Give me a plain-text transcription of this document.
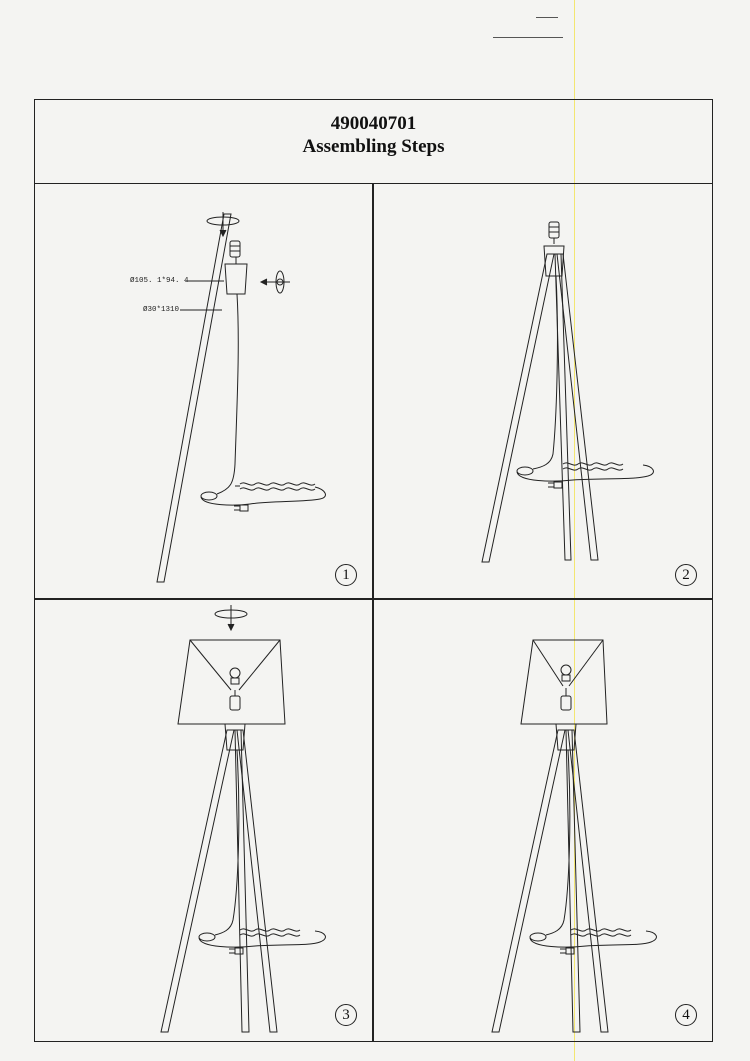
490040701
Assembling Steps
Ø105. 1*94. 4
Ø30*1310
1	2
3	4
